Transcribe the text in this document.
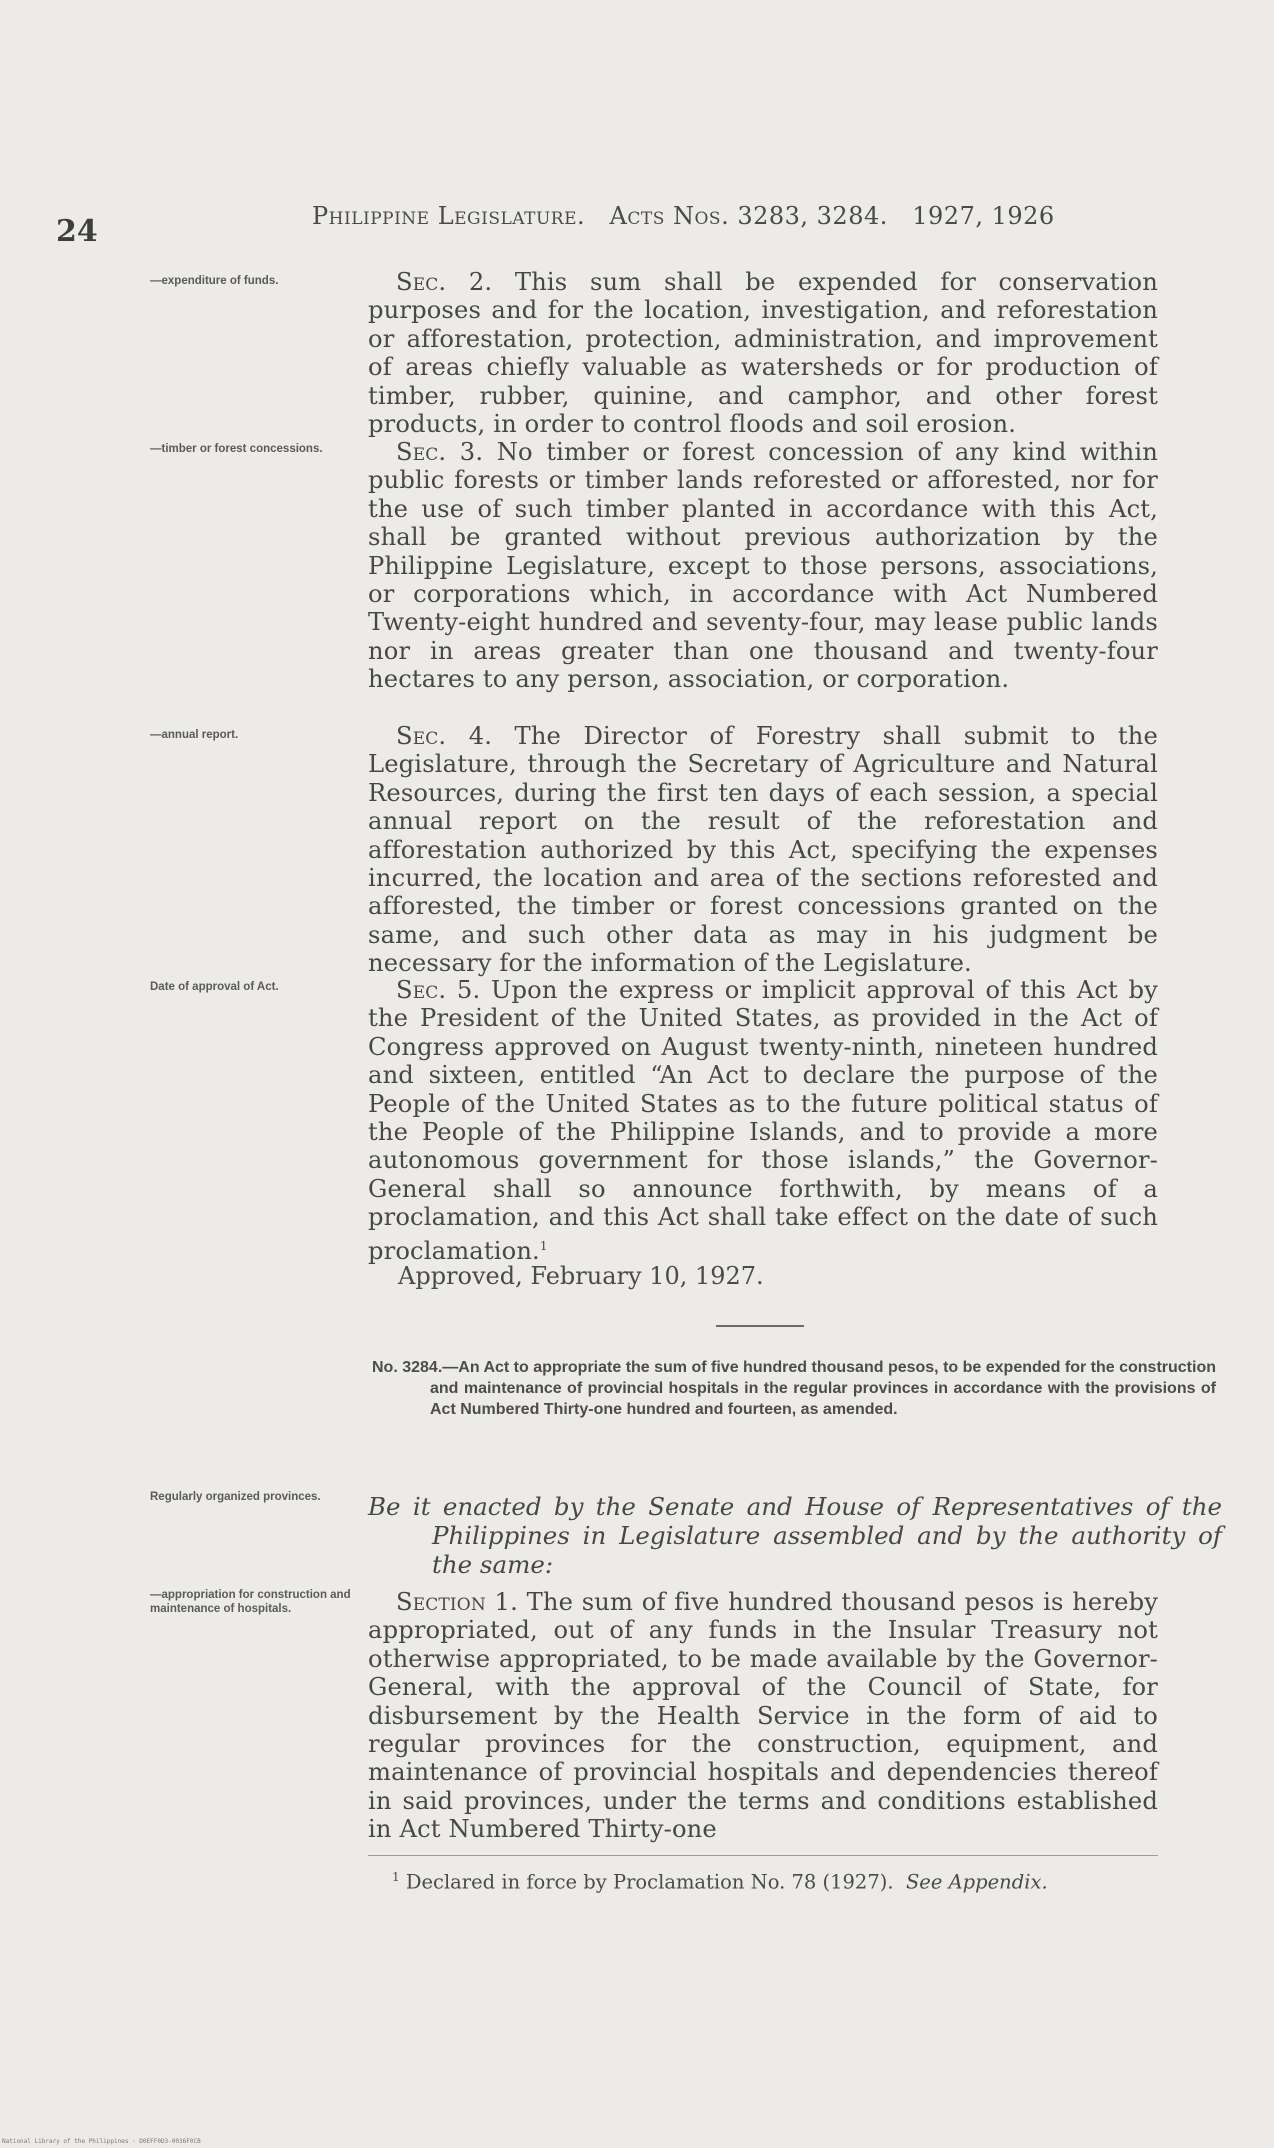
24	Philippine Legislature. Acts Nos. 3283, 3284. 1927, 1926
—expenditure of funds.
—timber or forest concessions.
—annual report.
Date of approval of Act.
Regularly organized provinces.
—appropriation for construction and maintenance of hospitals.

Sec. 2. This sum shall be expended for conservation purposes and for the location, investigation, and reforestation or afforestation, protection, administration, and improvement of areas chiefly valuable as watersheds or for production of timber, rubber, quinine, and camphor, and other forest products, in order to control floods and soil erosion.

Sec. 3. No timber or forest concession of any kind within public forests or timber lands reforested or afforested, nor for the use of such timber planted in accordance with this Act, shall be granted without previous authorization by the Philippine Legislature, except to those persons, associations, or corporations which, in accordance with Act Numbered Twenty-eight hundred and seventy-four, may lease public lands nor in areas greater than one thousand and twenty-four hectares to any person, association, or corporation.

Sec. 4. The Director of Forestry shall submit to the Legislature, through the Secretary of Agriculture and Natural Resources, during the first ten days of each session, a special annual report on the result of the reforestation and afforestation authorized by this Act, specifying the expenses incurred, the location and area of the sections reforested and afforested, the timber or forest concessions granted on the same, and such other data as may in his judgment be necessary for the information of the Legislature.

Sec. 5. Upon the express or implicit approval of this Act by the President of the United States, as provided in the Act of Congress approved on August twenty-ninth, nineteen hundred and sixteen, entitled “An Act to declare the purpose of the People of the United States as to the future political status of the People of the Philippine Islands, and to provide a more autonomous government for those islands,” the Governor-General shall so announce forthwith, by means of a proclamation, and this Act shall take effect on the date of such proclamation.$^1$

Approved, February 10, 1927.
No. 3284.—An Act to appropriate the sum of five hundred thousand pesos, to be expended for the construction and maintenance of provincial hospitals in the regular provinces in accordance with the provisions of Act Numbered Thirty-one hundred and fourteen, as amended.
Be it enacted by the Senate and House of Representatives of the Philippines in Legislature assembled and by the authority of the same:

Section 1. The sum of five hundred thousand pesos is hereby appropriated, out of any funds in the Insular Treasury not otherwise appropriated, to be made available by the Governor-General, with the approval of the Council of State, for disbursement by the Health Service in the form of aid to regular provinces for the construction, equipment, and maintenance of provincial hospitals and dependencies thereof in said provinces, under the terms and conditions established in Act Numbered Thirty-one

$^1$ Declared in force by Proclamation No. 78 (1927). See Appendix.
National Library of the Philippines · D0EFF0D3-0036F0CB
